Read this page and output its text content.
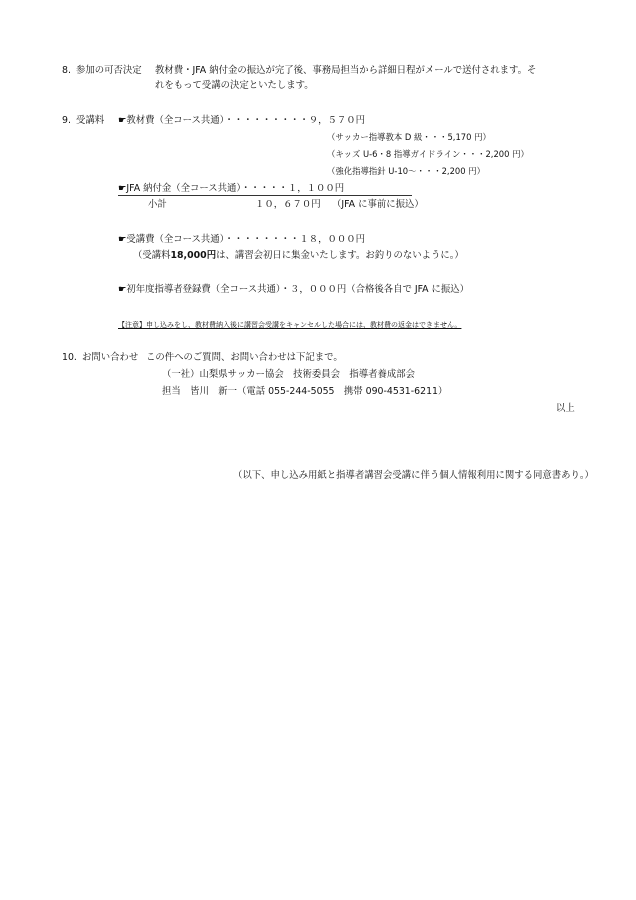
8. 参加の可否決定 教材費・JFA 納付金の振込が完了後、事務局担当から詳細日程がメールで送付されます。そ
れをもって受講の決定といたします。
9. 受講料 ☛教材費（全コース共通）・・・・・・・・・９，５７０円
（サッカー指導教本 D 級・・・5,170 円）
（キッズ U-6・8 指導ガイドライン・・・2,200 円）
（強化指導指針 U-10～・・・2,200 円）
☛JFA 納付金（全コース共通）・・・・・１，１００円
小計	１０，６７０円 （JFA に事前に振込）
☛受講費（全コース共通）・・・・・・・・１８，０００円
（受講料18,000円は、講習会初日に集金いたします。お釣りのないように。）
☛初年度指導者登録費（全コース共通）・３，０００円（合格後各自で JFA に振込）
【注意】申し込みをし、教材費納入後に講習会受講をキャンセルした場合には、教材費の返金はできません。
10. お問い合わせ この件へのご質問、お問い合わせは下記まで。
（一社）山梨県サッカー協会　技術委員会　指導者養成部会
担当　皆川　新一（電話 055-244-5055　携帯 090-4531-6211）
以上
（以下、申し込み用紙と指導者講習会受講に伴う個人情報利用に関する同意書あり。）
